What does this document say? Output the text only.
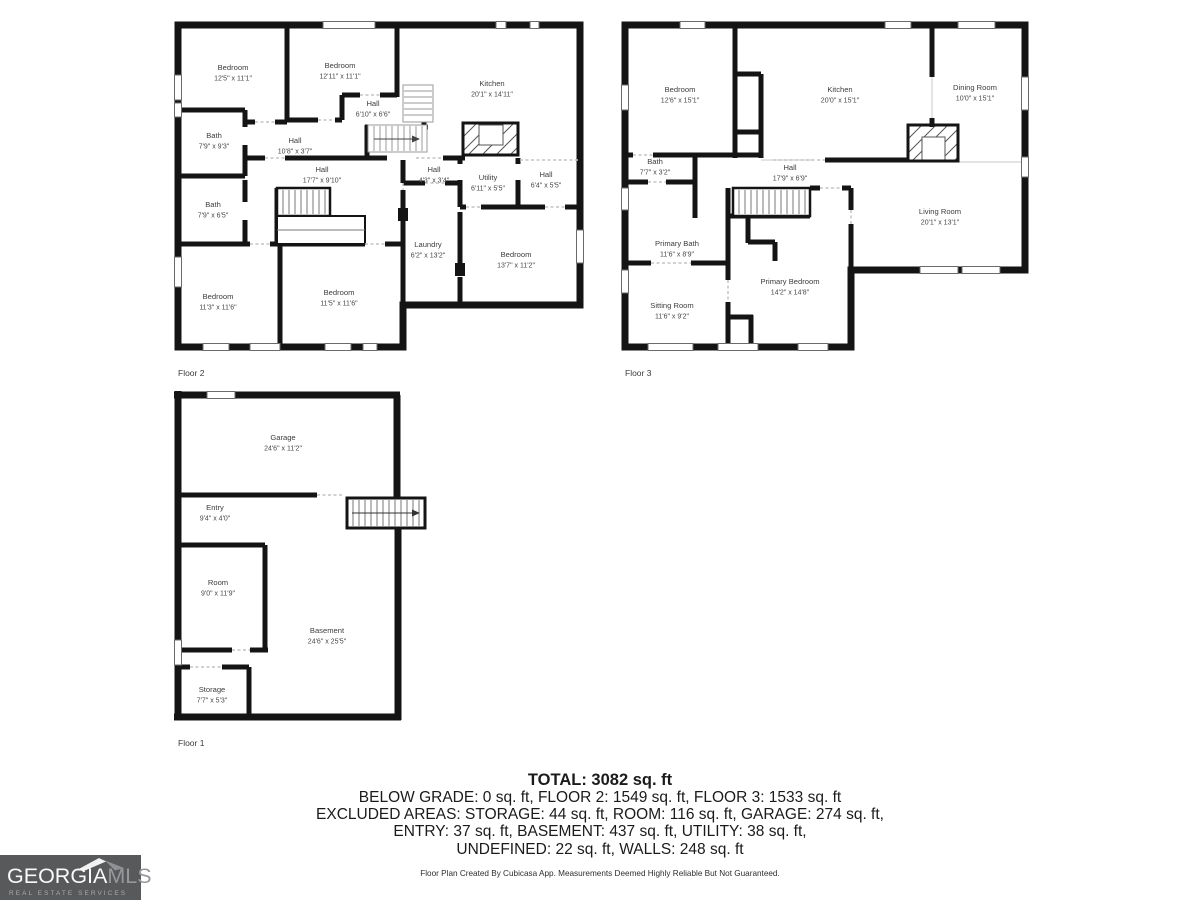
Bedroom 12'5" x 11'1"
Bedroom 12'11" x 11'1"
Kitchen 20'1" x 14'11"
Hall 6'10" x 6'6"
Bath 7'9" x 9'3"
Hall 10'8" x 3'7"
Hall 17'7" x 9'10"
Hall 4'3" x 3'4"	Utility 6'11" x 5'5"
Hall 6'4" x 5'5"
Bath 7'9" x 6'5"
Laundry 6'2" x 13'2"	Bedroom 13'7" x 11'2"
Bedroom 11'3" x 11'6"
Bedroom 11'5" x 11'6"
Bedroom 12'6" x 15'1"
Kitchen 20'0" x 15'1"
Dining Room 10'0" x 15'1"
Bath 7'7" x 3'2"
Hall 17'9" x 6'9"
Living Room 20'1" x 13'1"
Primary Bath 11'6" x 8'9"
Primary Bedroom 14'2" x 14'8"
Sitting Room 11'6" x 9'2"
Garage 24'6" x 11'2"
Entry 9'4" x 4'0"
Room 9'0" x 11'9"
Basement 24'6" x 25'5"
Storage 7'7" x 5'3"
Floor 2	Floor 3
Floor 1
TOTAL: 3082 sq. ft
BELOW GRADE: 0 sq. ft, FLOOR 2: 1549 sq. ft, FLOOR 3: 1533 sq. ft
EXCLUDED AREAS: STORAGE: 44 sq. ft, ROOM: 116 sq. ft, GARAGE: 274 sq. ft,
ENTRY: 37 sq. ft, BASEMENT: 437 sq. ft, UTILITY: 38 sq. ft,
UNDEFINED: 22 sq. ft, WALLS: 248 sq. ft
Floor Plan Created By Cubicasa App. Measurements Deemed Highly Reliable But Not Guaranteed.
GEORGIAMLS
REAL ESTATE SERVICES
